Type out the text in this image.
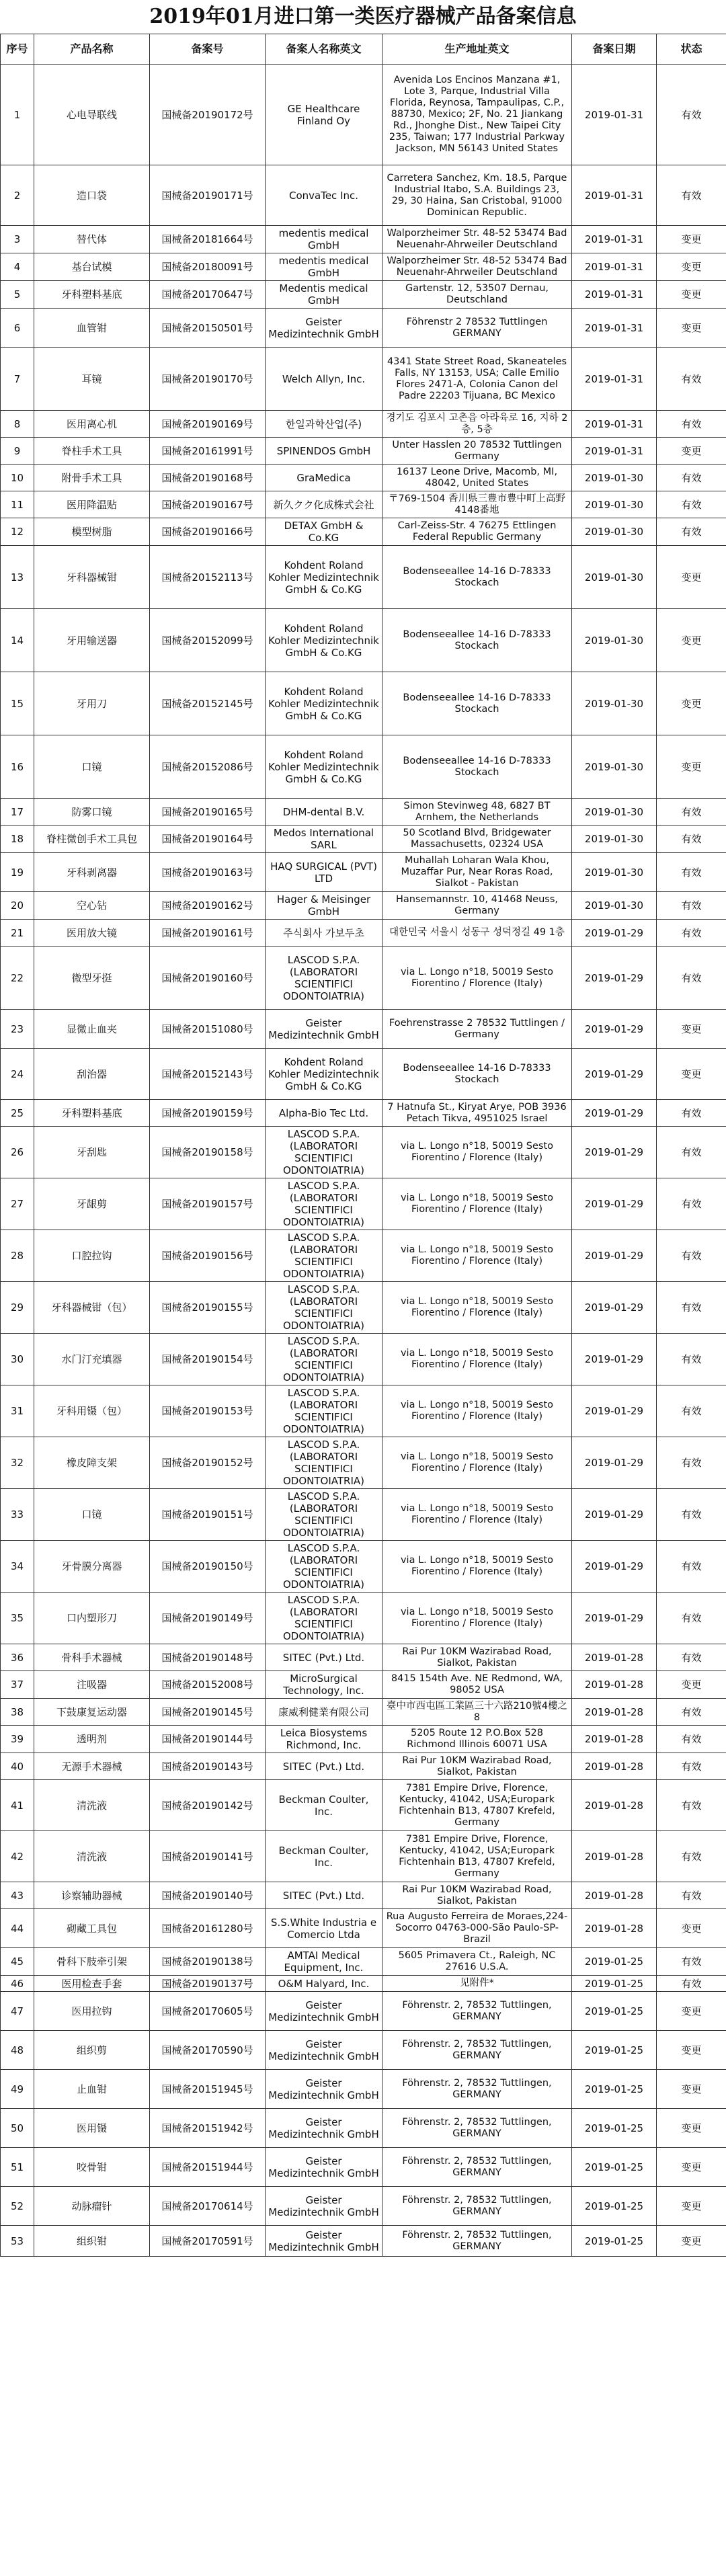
2019年01月进口第一类医疗器械产品备案信息
序号	产品名称	备案号	备案人名称英文	生产地址英文	备案日期	状态
1	心电导联线	国械备20190172号	GE Healthcare Finland Oy	Avenida Los Encinos Manzana #1, Lote 3, Parque, Industrial Villa Florida, Reynosa, Tampaulipas, C.P., 88730, Mexico; 2F, No. 21 Jiankang Rd., Jhonghe Dist., New Taipei City 235, Taiwan; 177 Industrial Parkway Jackson, MN 56143 United States	2019-01-31	有效
2	造口袋	国械备20190171号	ConvaTec Inc.	Carretera Sanchez, Km. 18.5, Parque Industrial Itabo, S.A. Buildings 23, 29, 30 Haina, San Cristobal, 91000 Dominican Republic.	2019-01-31	有效
3	替代体	国械备20181664号	medentis medical GmbH	Walporzheimer Str. 48-52 53474 Bad Neuenahr-Ahrweiler Deutschland	2019-01-31	变更
4	基台试模	国械备20180091号	medentis medical GmbH	Walporzheimer Str. 48-52 53474 Bad Neuenahr-Ahrweiler Deutschland	2019-01-31	变更
5	牙科塑料基底	国械备20170647号	Medentis medical GmbH	Gartenstr. 12, 53507 Dernau, Deutschland	2019-01-31	变更
6	血管钳	国械备20150501号	Geister Medizintechnik GmbH	Föhrenstr 2 78532 Tuttlingen GERMANY	2019-01-31	变更
7	耳镜	国械备20190170号	Welch Allyn, Inc.	4341 State Street Road, Skaneateles Falls, NY 13153, USA; Calle Emilio Flores 2471-A, Colonia Canon del Padre 22203 Tijuana, BC Mexico	2019-01-31	有效
8	医用离心机	国械备20190169号	한일과학산업(주)	경기도 김포시 고촌읍 아라육로 16, 지하 2층, 5층	2019-01-31	有效
9	脊柱手术工具	国械备20161991号	SPINENDOS GmbH	Unter Hasslen 20 78532 Tuttlingen Germany	2019-01-31	变更
10	附骨手术工具	国械备20190168号	GraMedica	16137 Leone Drive, Macomb, MI, 48042, United States	2019-01-30	有效
11	医用降温贴	国械备20190167号	新久クク化成株式会社	〒769-1504 香川県三豊市豊中町上高野4148番地	2019-01-30	有效
12	模型树脂	国械备20190166号	DETAX GmbH & Co.KG	Carl-Zeiss-Str. 4 76275 Ettlingen Federal Republic Germany	2019-01-30	有效
13	牙科器械钳	国械备20152113号	Kohdent Roland Kohler Medizintechnik GmbH & Co.KG	Bodenseeallee 14-16 D-78333 Stockach	2019-01-30	变更
14	牙用输送器	国械备20152099号	Kohdent Roland Kohler Medizintechnik GmbH & Co.KG	Bodenseeallee 14-16 D-78333 Stockach	2019-01-30	变更
15	牙用刀	国械备20152145号	Kohdent Roland Kohler Medizintechnik GmbH & Co.KG	Bodenseeallee 14-16 D-78333 Stockach	2019-01-30	变更
16	口镜	国械备20152086号	Kohdent Roland Kohler Medizintechnik GmbH & Co.KG	Bodenseeallee 14-16 D-78333 Stockach	2019-01-30	变更
17	防雾口镜	国械备20190165号	DHM-dental B.V.	Simon Stevinweg 48, 6827 BT Arnhem, the Netherlands	2019-01-30	有效
18	脊柱微创手术工具包	国械备20190164号	Medos International SARL	50 Scotland Blvd, Bridgewater Massachusetts, 02324 USA	2019-01-30	有效
19	牙科剥离器	国械备20190163号	HAQ SURGICAL (PVT) LTD	Muhallah Loharan Wala Khou, Muzaffar Pur, Near Roras Road, Sialkot - Pakistan	2019-01-30	有效
20	空心钻	国械备20190162号	Hager & Meisinger GmbH	Hansemannstr. 10, 41468 Neuss, Germany	2019-01-30	有效
21	医用放大镜	国械备20190161号	주식회사 가보두초	대한민국 서울시 성동구 성덕정길 49 1층	2019-01-29	有效
22	微型牙挺	国械备20190160号	LASCOD S.P.A.(LABORATORI SCIENTIFICI ODONTOIATRIA)	via L. Longo n°18, 50019 Sesto Fiorentino / Florence (Italy)	2019-01-29	有效
23	显微止血夹	国械备20151080号	Geister Medizintechnik GmbH	Foehrenstrasse 2 78532 Tuttlingen / Germany	2019-01-29	变更
24	刮治器	国械备20152143号	Kohdent Roland Kohler Medizintechnik GmbH & Co.KG	Bodenseeallee 14-16 D-78333 Stockach	2019-01-29	变更
25	牙科塑料基底	国械备20190159号	Alpha-Bio Tec Ltd.	7 Hatnufa St., Kiryat Arye, POB 3936 Petach Tikva, 4951025 Israel	2019-01-29	有效
26	牙刮匙	国械备20190158号	LASCOD S.P.A.(LABORATORI SCIENTIFICI ODONTOIATRIA)	via L. Longo n°18, 50019 Sesto Fiorentino / Florence (Italy)	2019-01-29	有效
27	牙龈剪	国械备20190157号	LASCOD S.P.A.(LABORATORI SCIENTIFICI ODONTOIATRIA)	via L. Longo n°18, 50019 Sesto Fiorentino / Florence (Italy)	2019-01-29	有效
28	口腔拉钩	国械备20190156号	LASCOD S.P.A.(LABORATORI SCIENTIFICI ODONTOIATRIA)	via L. Longo n°18, 50019 Sesto Fiorentino / Florence (Italy)	2019-01-29	有效
29	牙科器械钳（包）	国械备20190155号	LASCOD S.P.A.(LABORATORI SCIENTIFICI ODONTOIATRIA)	via L. Longo n°18, 50019 Sesto Fiorentino / Florence (Italy)	2019-01-29	有效
30	水门汀充填器	国械备20190154号	LASCOD S.P.A.(LABORATORI SCIENTIFICI ODONTOIATRIA)	via L. Longo n°18, 50019 Sesto Fiorentino / Florence (Italy)	2019-01-29	有效
31	牙科用镊（包）	国械备20190153号	LASCOD S.P.A.(LABORATORI SCIENTIFICI ODONTOIATRIA)	via L. Longo n°18, 50019 Sesto Fiorentino / Florence (Italy)	2019-01-29	有效
32	橡皮障支架	国械备20190152号	LASCOD S.P.A.(LABORATORI SCIENTIFICI ODONTOIATRIA)	via L. Longo n°18, 50019 Sesto Fiorentino / Florence (Italy)	2019-01-29	有效
33	口镜	国械备20190151号	LASCOD S.P.A.(LABORATORI SCIENTIFICI ODONTOIATRIA)	via L. Longo n°18, 50019 Sesto Fiorentino / Florence (Italy)	2019-01-29	有效
34	牙骨膜分离器	国械备20190150号	LASCOD S.P.A.(LABORATORI SCIENTIFICI ODONTOIATRIA)	via L. Longo n°18, 50019 Sesto Fiorentino / Florence (Italy)	2019-01-29	有效
35	口内塑形刀	国械备20190149号	LASCOD S.P.A.(LABORATORI SCIENTIFICI ODONTOIATRIA)	via L. Longo n°18, 50019 Sesto Fiorentino / Florence (Italy)	2019-01-29	有效
36	骨科手术器械	国械备20190148号	SITEC (Pvt.) Ltd.	Rai Pur 10KM Wazirabad Road, Sialkot, Pakistan	2019-01-28	有效
37	注吸器	国械备20152008号	MicroSurgical Technology, Inc.	8415 154th Ave. NE Redmond, WA, 98052 USA	2019-01-28	变更
38	下鼓康复运动器	国械备20190145号	康威利健業有限公司	臺中市西屯區工業區三十六路210號4樓之8	2019-01-28	有效
39	透明剂	国械备20190144号	Leica Biosystems Richmond, Inc.	5205 Route 12 P.O.Box 528 Richmond Illinois 60071 USA	2019-01-28	有效
40	无源手术器械	国械备20190143号	SITEC (Pvt.) Ltd.	Rai Pur 10KM Wazirabad Road, Sialkot, Pakistan	2019-01-28	有效
41	清洗液	国械备20190142号	Beckman Coulter, Inc.	7381 Empire Drive, Florence, Kentucky, 41042, USA;Europark Fichtenhain B13, 47807 Krefeld, Germany	2019-01-28	有效
42	清洗液	国械备20190141号	Beckman Coulter, Inc.	7381 Empire Drive, Florence, Kentucky, 41042, USA;Europark Fichtenhain B13, 47807 Krefeld, Germany	2019-01-28	有效
43	诊察辅助器械	国械备20190140号	SITEC (Pvt.) Ltd.	Rai Pur 10KM Wazirabad Road, Sialkot, Pakistan	2019-01-28	有效
44	砌藏工具包	国械备20161280号	S.S.White Industria e Comercio Ltda	Rua Augusto Ferreira de Moraes,224-Socorro 04763-000-São Paulo-SP-Brazil	2019-01-28	变更
45	骨科下肢牵引架	国械备20190138号	AMTAI Medical Equipment, Inc.	5605 Primavera Ct., Raleigh, NC 27616 U.S.A.	2019-01-25	有效
46	医用检查手套	国械备20190137号	O&M Halyard, Inc.	见附件*	2019-01-25	有效
47	医用拉钩	国械备20170605号	Geister Medizintechnik GmbH	Föhrenstr. 2, 78532 Tuttlingen, GERMANY	2019-01-25	变更
48	组织剪	国械备20170590号	Geister Medizintechnik GmbH	Föhrenstr. 2, 78532 Tuttlingen, GERMANY	2019-01-25	变更
49	止血钳	国械备20151945号	Geister Medizintechnik GmbH	Föhrenstr. 2, 78532 Tuttlingen, GERMANY	2019-01-25	变更
50	医用镊	国械备20151942号	Geister Medizintechnik GmbH	Föhrenstr. 2, 78532 Tuttlingen, GERMANY	2019-01-25	变更
51	咬骨钳	国械备20151944号	Geister Medizintechnik GmbH	Föhrenstr. 2, 78532 Tuttlingen, GERMANY	2019-01-25	变更
52	动脉瘤针	国械备20170614号	Geister Medizintechnik GmbH	Föhrenstr. 2, 78532 Tuttlingen, GERMANY	2019-01-25	变更
53	组织钳	国械备20170591号	Geister Medizintechnik GmbH	Föhrenstr. 2, 78532 Tuttlingen, GERMANY	2019-01-25	变更
